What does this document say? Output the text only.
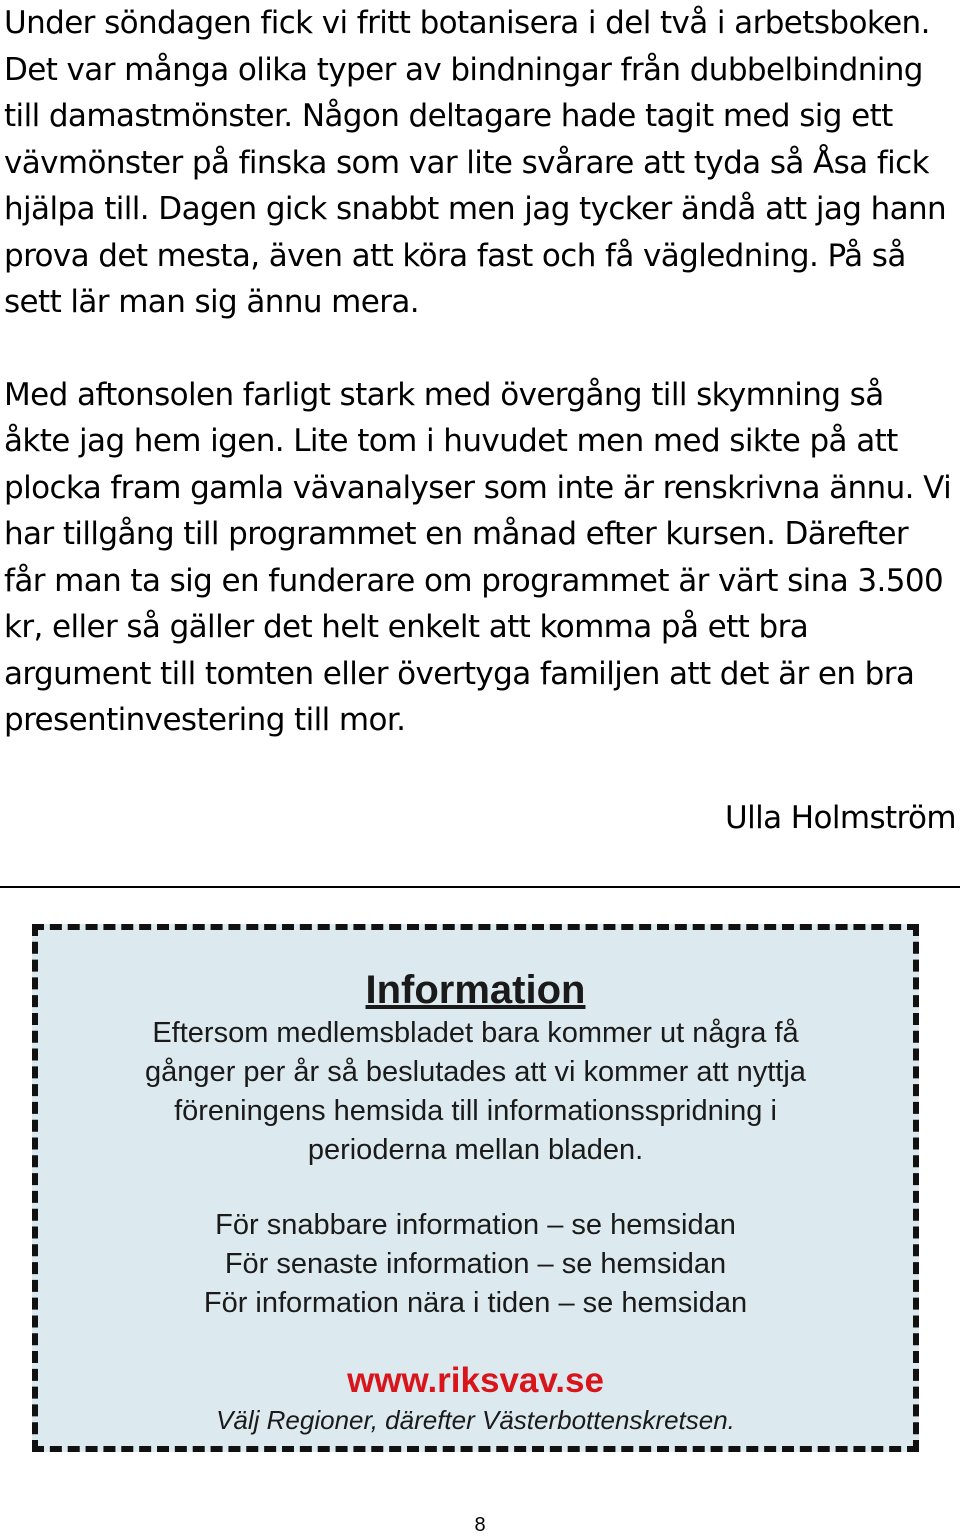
Under söndagen fick vi fritt botanisera i del två i arbetsboken. Det var många olika typer av bindningar från dubbelbindning till damastmönster. Någon deltagare hade tagit med sig ett vävmönster på finska som var lite svårare att tyda så Åsa fick hjälpa till. Dagen gick snabbt men jag tycker ändå att jag hann prova det mesta, även att köra fast och få vägledning. På så sett lär man sig ännu mera.

Med aftonsolen farligt stark med övergång till skymning så åkte jag hem igen. Lite tom i huvudet men med sikte på att plocka fram gamla vävanalyser som inte är renskrivna ännu. Vi har tillgång till programmet en månad efter kursen. Därefter får man ta sig en funderare om programmet är värt sina 3.500 kr, eller så gäller det helt enkelt att komma på ett bra argument till tomten eller övertyga familjen att det är en bra presentinvestering till mor.

Ulla Holmström
Information
Eftersom medlemsbladet bara kommer ut några få
gånger per år så beslutades att vi kommer att nyttja
föreningens hemsida till informationsspridning i
perioderna mellan bladen.
För snabbare information – se hemsidan
För senaste information – se hemsidan
För information nära i tiden – se hemsidan
www.riksvav.se
Välj Regioner, därefter Västerbottenskretsen.
8
